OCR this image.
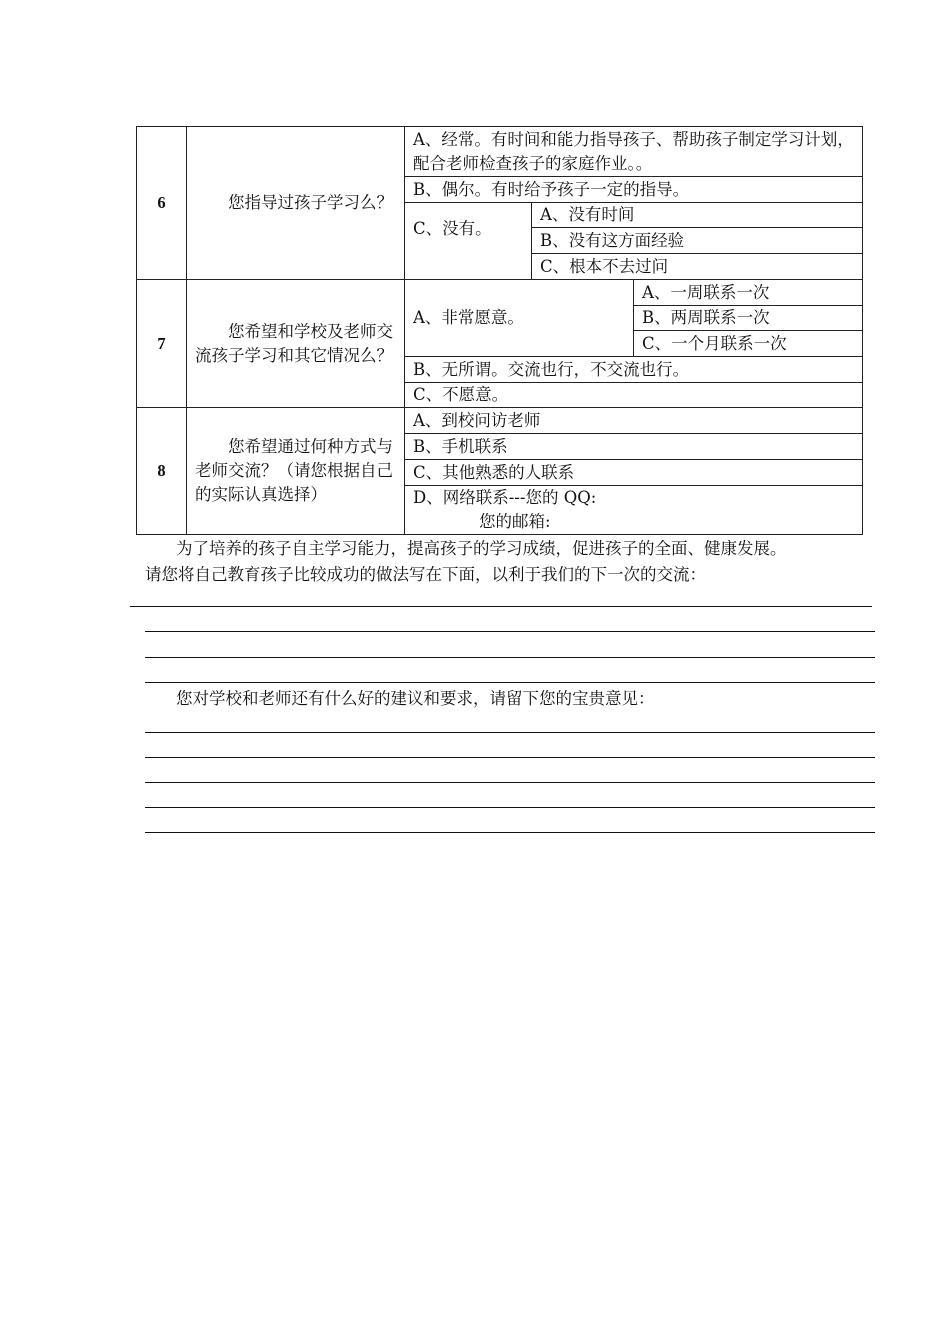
6	您指导过孩子学习么？	A、经常。有时间和能力指导孩子、帮助孩子制定学习计划，配合老师检查孩子的家庭作业。。		
		B、偶尔。有时给予孩子一定的指导。		
		C、没有。	A、没有时间	
			B、没有这方面经验	
			C、根本不去过问	
7	您希望和学校及老师交流孩子学习和其它情况么？	A、非常愿意。		A、一周联系一次
				B、两周联系一次
				C、一个月联系一次
		B、无所谓。交流也行，不交流也行。		
		C、不愿意。		
8	您希望通过何种方式与老师交流？（请您根据自己的实际认真选择）	A、到校问访老师		
		B、手机联系		
		C、其他熟悉的人联系		
		D、网络联系---您的 QQ:
您的邮箱:		
为了培养的孩子自主学习能力，提高孩子的学习成绩，促进孩子的全面、健康发展。
请您将自己教育孩子比较成功的做法写在下面，以利于我们的下一次的交流：
您对学校和老师还有什么好的建议和要求，请留下您的宝贵意见：
